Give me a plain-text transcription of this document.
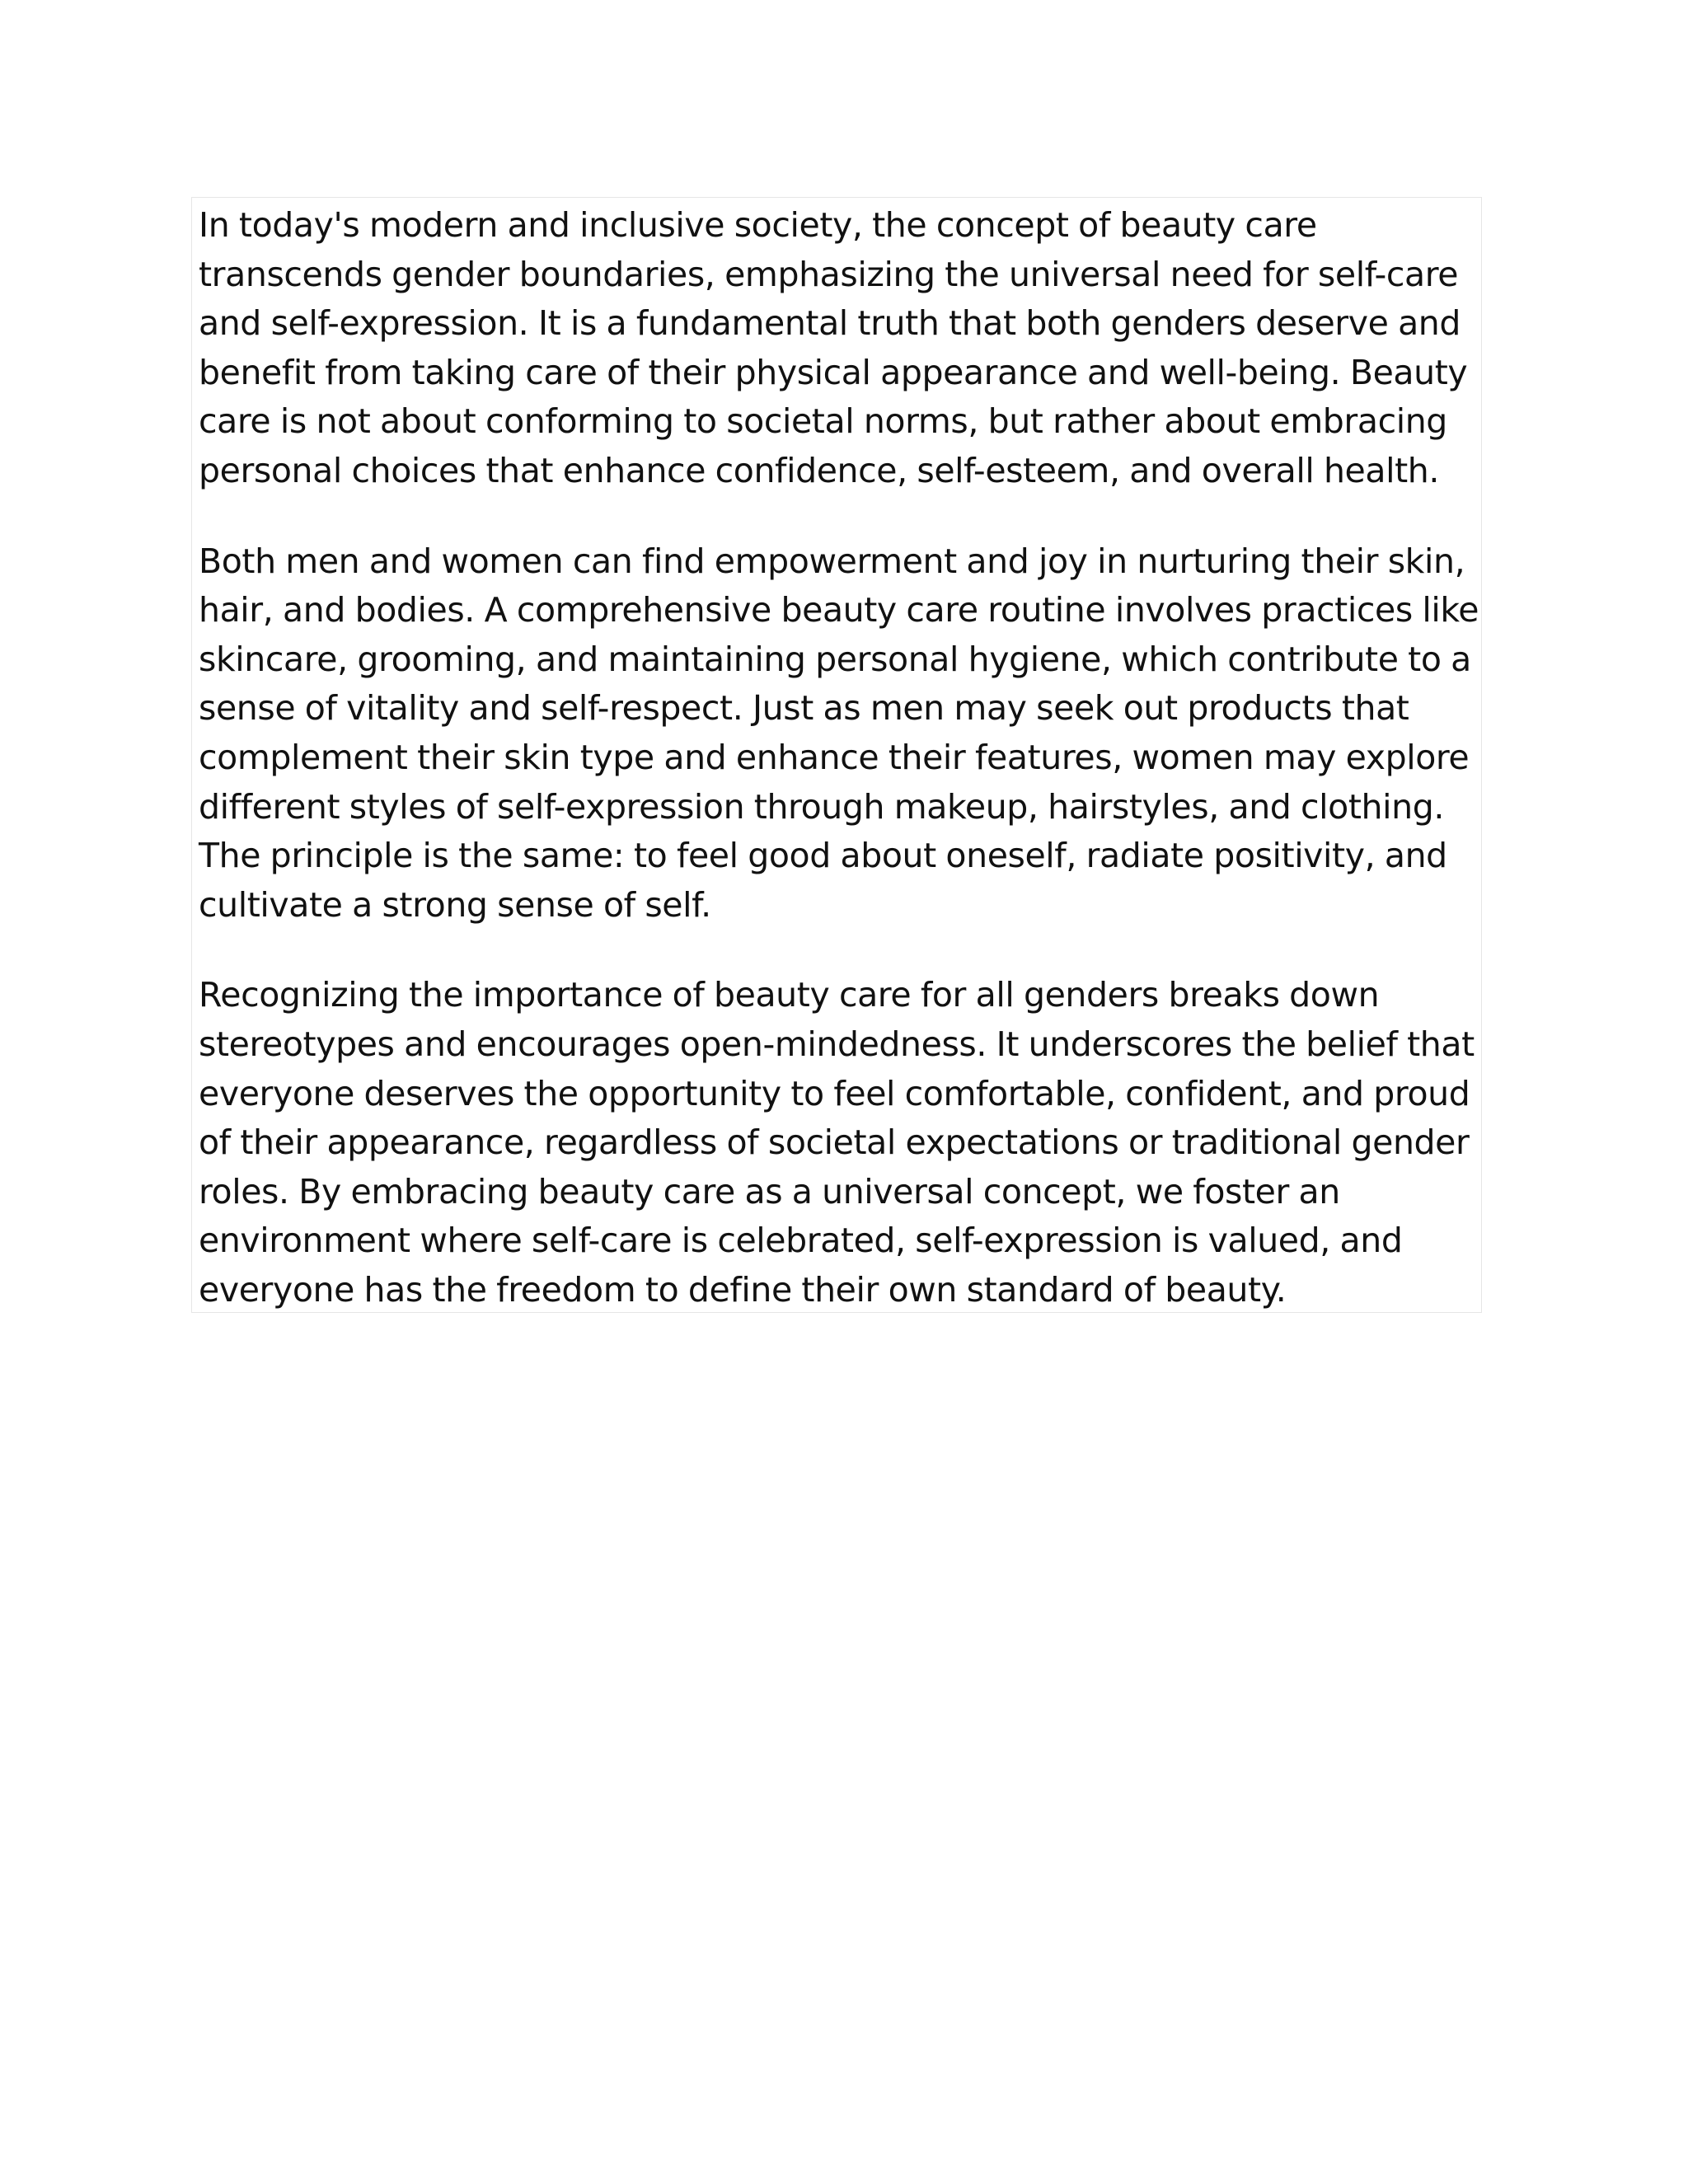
In today's modern and inclusive society, the concept of beauty care transcends gender boundaries, emphasizing the universal need for self-care and self-expression. It is a fundamental truth that both genders deserve and benefit from taking care of their physical appearance and well-being. Beauty care is not about conforming to societal norms, but rather about embracing personal choices that enhance confidence, self-esteem, and overall health.

Both men and women can find empowerment and joy in nurturing their skin, hair, and bodies. A comprehensive beauty care routine involves practices like skincare, grooming, and maintaining personal hygiene, which contribute to a sense of vitality and self-respect. Just as men may seek out products that complement their skin type and enhance their features, women may explore different styles of self-expression through makeup, hairstyles, and clothing. The principle is the same: to feel good about oneself, radiate positivity, and cultivate a strong sense of self.

Recognizing the importance of beauty care for all genders breaks down stereotypes and encourages open-mindedness. It underscores the belief that everyone deserves the opportunity to feel comfortable, confident, and proud of their appearance, regardless of societal expectations or traditional gender roles. By embracing beauty care as a universal concept, we foster an environment where self-care is celebrated, self-expression is valued, and everyone has the freedom to define their own standard of beauty.
